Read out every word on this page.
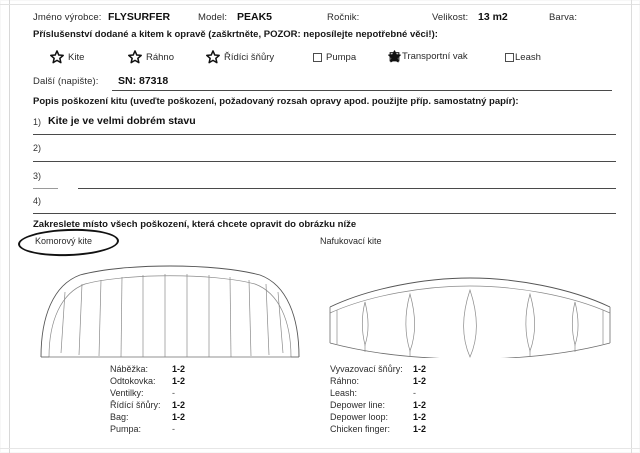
Jméno výrobce: FLYSURFER	Model: PEAK5	Ročnik:	Velikost: 13 m2	Barva:
Příslušenství dodané a kitem k opravě (zaškrtněte, POZOR: neposílejte nepotřebné věci!):
Kite	Ráhno	Řídíci šňůry	Pumpa	Transportní vak	Leash
Další (napište): SN: 87318
Popis poškození kitu (uveďte poškození, požadovaný rozsah opravy apod. použijte příp. samostatný papír):
1) Kite je ve velmi dobrém stavu
2)
3)
4)
Zakreslete místo všech poškození, která chcete opravit do obrázku níže
Komorový kite	Nafukovací kite
Náběžka:	1-2
Odtokovka: 1-2
Ventilky:	-
Řídící šňůry: 1-2
Bag:	1-2
Pumpa:	-
Vyvazovací šňůry: 1-2
Ráhno:	1-2
Leash:	-
Depower line:	1-2
Depower loop:	1-2
Chicken finger:	1-2
